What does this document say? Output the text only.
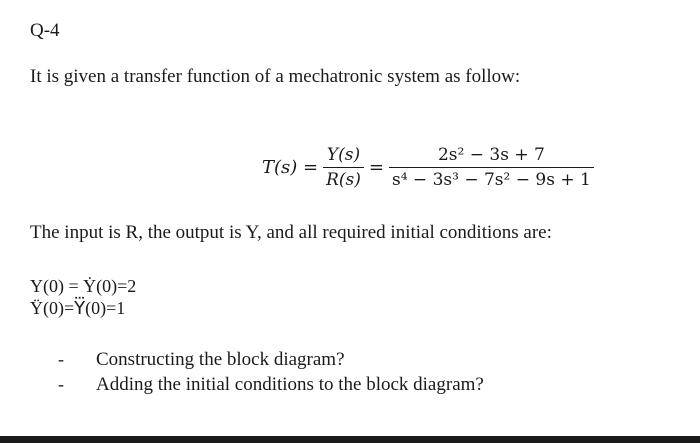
Q-4
It is given a transfer function of a mechatronic system as follow:
$T(s) = \frac{Y(s)}{R(s)} = \frac{\text{2s² − 3s + 7}}{\text{s⁴ − 3s³ − 7s² − 9s + 1}}$
The input is R, the output is Y, and all required initial conditions are:
Y(0) = Ẏ(0)=2
Ÿ(0)=Y⃛(0)=1
- Constructing the block diagram?
- Adding the initial conditions to the block diagram?
